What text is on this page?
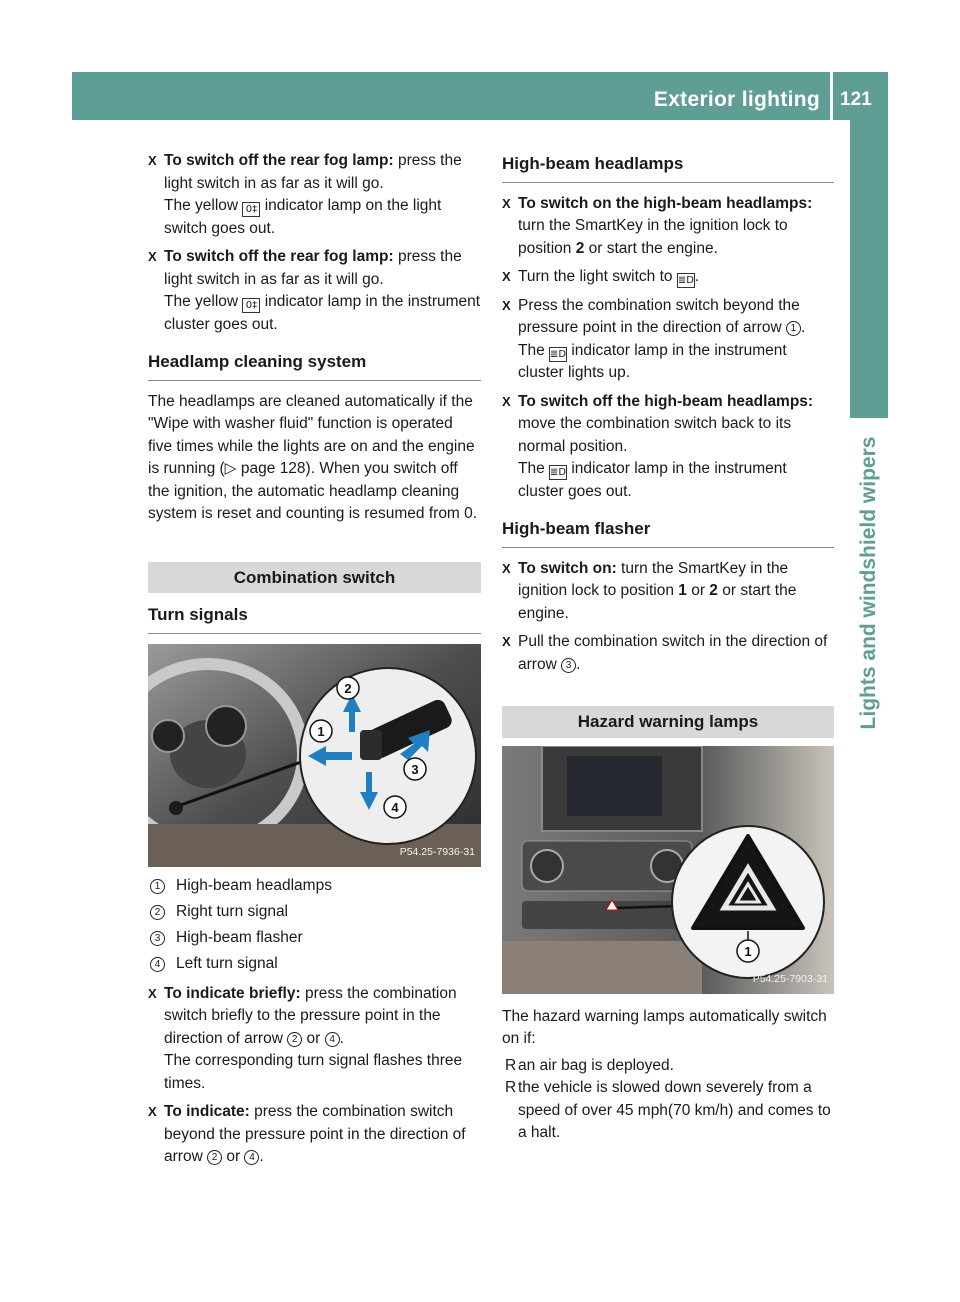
Exterior lighting 121
Lights and windshield wipers
X To switch off the rear fog lamp: press the light switch in as far as it will go.
The yellow 0‡ indicator lamp on the light switch goes out.
X To switch off the rear fog lamp: press the light switch in as far as it will go.
The yellow 0‡ indicator lamp in the instrument cluster goes out.
Headlamp cleaning system

The headlamps are cleaned automatically if the "Wipe with washer fluid" function is operated five times while the lights are on and the engine is running (▷ page 128). When you switch off the ignition, the automatic headlamp cleaning system is reset and counting is resumed from 0.

Combination switch
Turn signals
2
1
3
4
P54.25-7936-31
1	High-beam headlamps
2	Right turn signal
3	High-beam flasher
4	Left turn signal
X To indicate briefly: press the combination switch briefly to the pressure point in the direction of arrow 2 or 4 .
The corresponding turn signal flashes three times.
X To indicate: press the combination switch beyond the pressure point in the direction of arrow 2 or 4 .
High-beam headlamps
X To switch on the high-beam headlamps: turn the SmartKey in the ignition lock to position 2 or start the engine.
X Turn the light switch to ≣D.
X Press the combination switch beyond the pressure point in the direction of arrow 1 .
The ≣D indicator lamp in the instrument cluster lights up.
X To switch off the high-beam headlamps: move the combination switch back to its normal position.
The ≣D indicator lamp in the instrument cluster goes out.
High-beam flasher
X To switch on: turn the SmartKey in the ignition lock to position 1 or 2 or start the engine.
X Pull the combination switch in the direction of arrow 3 .
Hazard warning lamps
1
P54.25-7903-31

The hazard warning lamps automatically switch on if:

R an air bag is deployed.
R the vehicle is slowed down severely from a speed of over 45 mph(70 km/h) and comes to a halt.
